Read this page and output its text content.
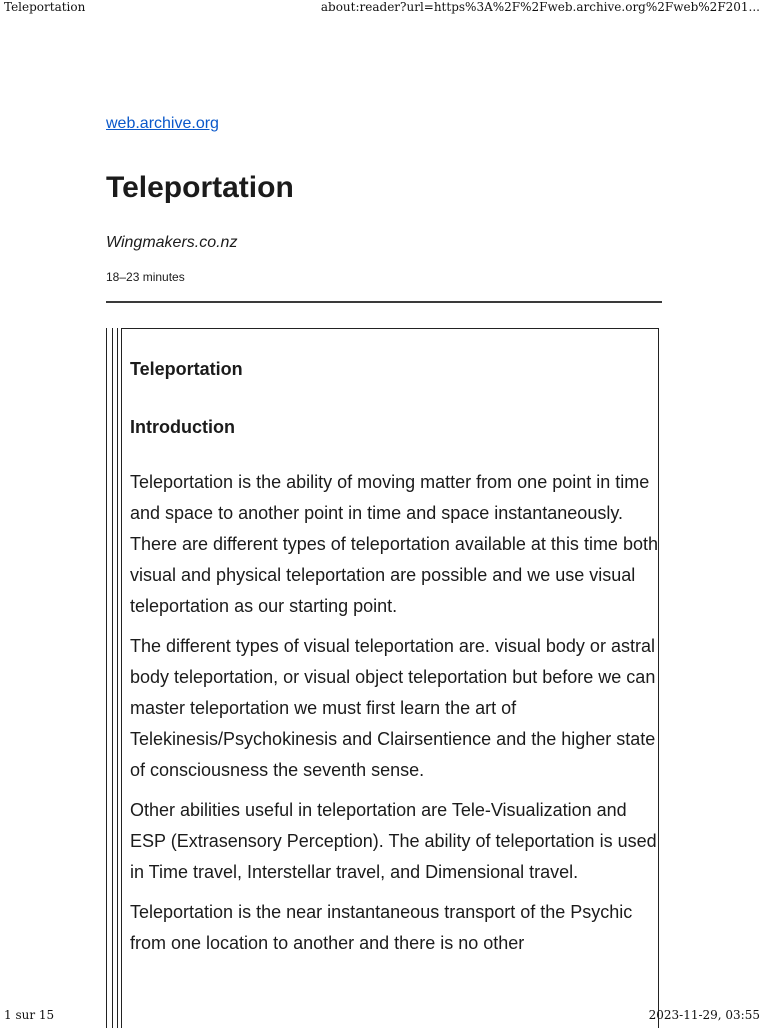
Teleportation	about:reader?url=https%3A%2F%2Fweb.archive.org%2Fweb%2F201...
web.archive.org
Teleportation
Wingmakers.co.nz
18–23 minutes
Teleportation
Introduction

Teleportation is the ability of moving matter from one point in time and space to another point in time and space instantaneously. There are different types of teleportation available at this time both visual and physical teleportation are possible and we use visual teleportation as our starting point.

The different types of visual teleportation are. visual body or astral body teleportation, or visual object teleportation but before we can master teleportation we must first learn the art of Telekinesis/Psychokinesis and Clairsentience and the higher state of consciousness the seventh sense.

Other abilities useful in teleportation are Tele-Visualization and ESP (Extrasensory Perception). The ability of teleportation is used in Time travel, Interstellar travel, and Dimensional travel.

Teleportation is the near instantaneous transport of the Psychic from one location to another and there is no other

1 sur 15	2023-11-29, 03:55
